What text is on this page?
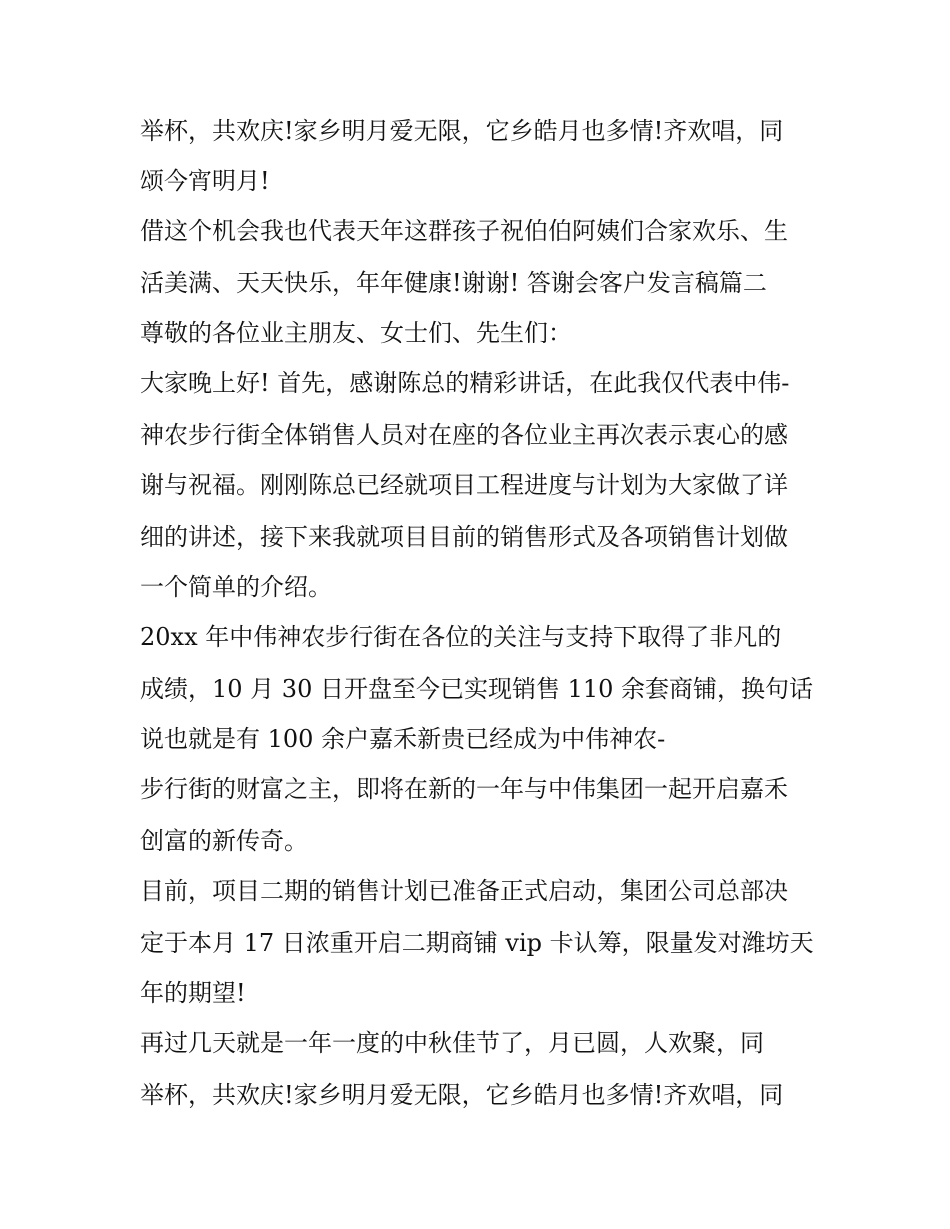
举杯，共欢庆!家乡明月爱无限，它乡皓月也多情!齐欢唱，同

颂今宵明月!

借这个机会我也代表天年这群孩子祝伯伯阿姨们合家欢乐、生

活美满、天天快乐，年年健康!谢谢! 答谢会客户发言稿篇二

尊敬的各位业主朋友、女士们、先生们：

大家晚上好! 首先，感谢陈总的精彩讲话，在此我仅代表中伟-

神农步行街全体销售人员对在座的各位业主再次表示衷心的感

谢与祝福。刚刚陈总已经就项目工程进度与计划为大家做了详

细的讲述，接下来我就项目目前的销售形式及各项销售计划做

一个简单的介绍。

20xx 年中伟神农步行街在各位的关注与支持下取得了非凡的

成绩，10 月 30 日开盘至今已实现销售 110 余套商铺，换句话

说也就是有 100 余户嘉禾新贵已经成为中伟神农-

步行街的财富之主，即将在新的一年与中伟集团一起开启嘉禾

创富的新传奇。

目前，项目二期的销售计划已准备正式启动，集团公司总部决

定于本月 17 日浓重开启二期商铺 vip 卡认筹，限量发对潍坊天

年的期望!

再过几天就是一年一度的中秋佳节了，月已圆，人欢聚，同

举杯，共欢庆!家乡明月爱无限，它乡皓月也多情!齐欢唱，同
